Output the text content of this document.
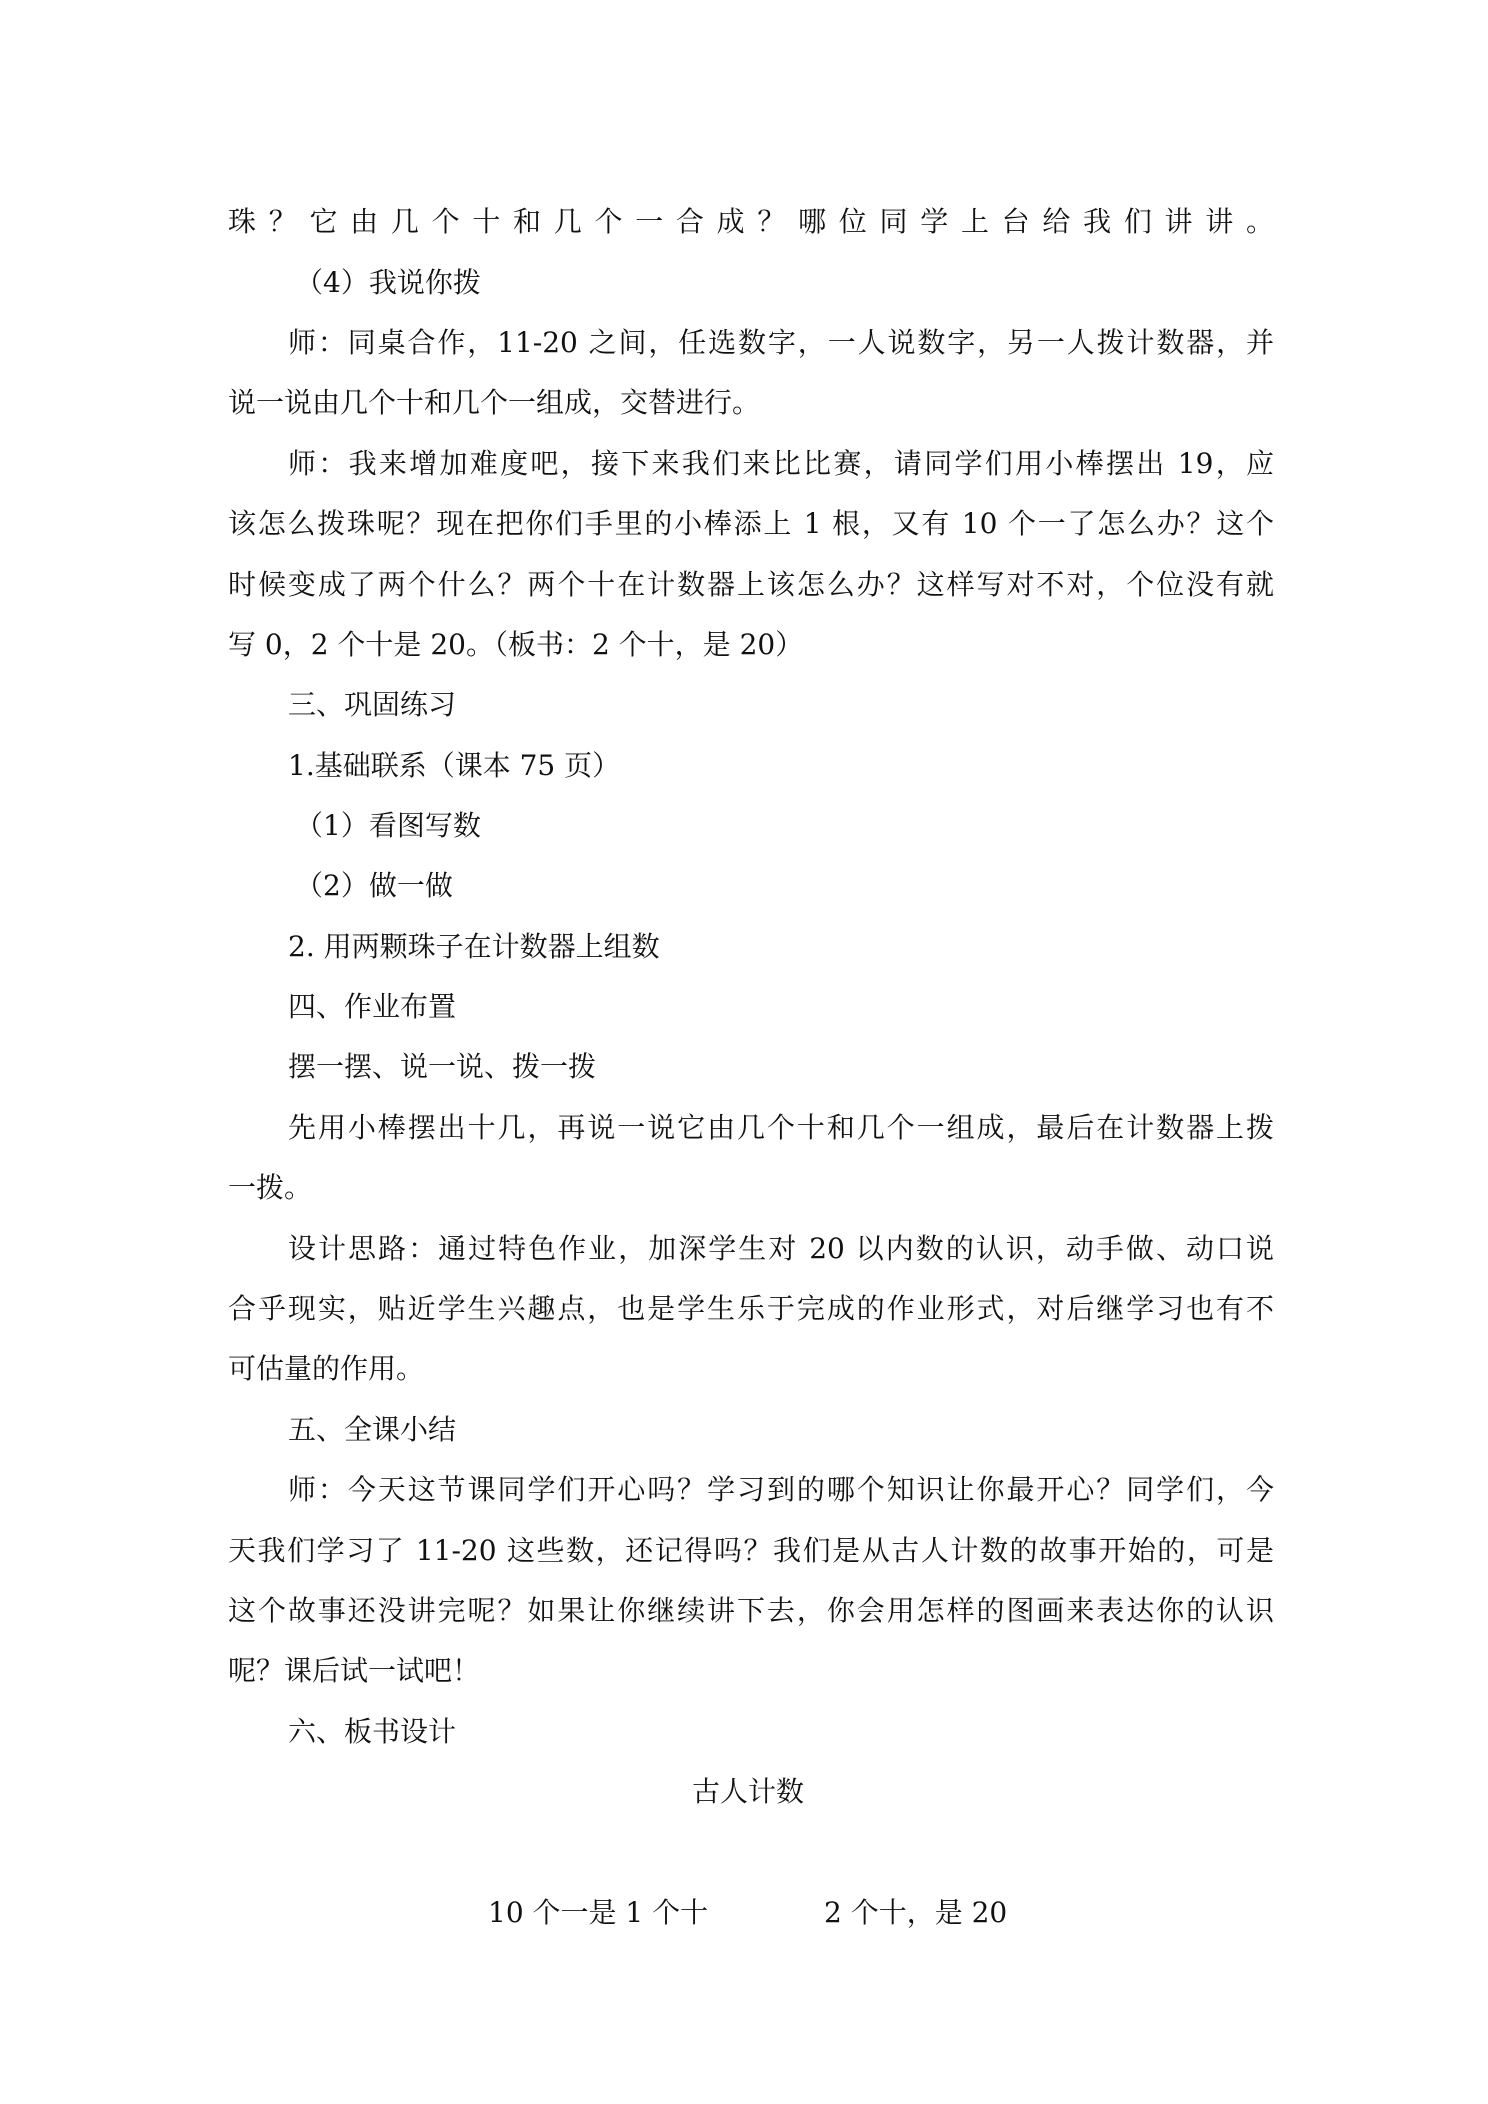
珠？它由几个十和几个一合成？哪位同学上台给我们讲讲。
（4）我说你拨
师：同桌合作，11-20 之间，任选数字，一人说数字，另一人拨计数器，并
说一说由几个十和几个一组成，交替进行。
师：我来增加难度吧，接下来我们来比比赛，请同学们用小棒摆出 19，应
该怎么拨珠呢？现在把你们手里的小棒添上 1 根，又有 10 个一了怎么办？这个
时候变成了两个什么？两个十在计数器上该怎么办？这样写对不对，个位没有就
写 0，2 个十是 20。（板书：2 个十，是 20）
三、巩固练习
1.基础联系（课本 75 页）
（1）看图写数
（2）做一做
2. 用两颗珠子在计数器上组数
四、作业布置
摆一摆、说一说、拨一拨
先用小棒摆出十几，再说一说它由几个十和几个一组成，最后在计数器上拨
一拨。
设计思路：通过特色作业，加深学生对 20 以内数的认识，动手做、动口说
合乎现实，贴近学生兴趣点，也是学生乐于完成的作业形式，对后继学习也有不
可估量的作用。
五、全课小结
师：今天这节课同学们开心吗？学习到的哪个知识让你最开心？同学们，今
天我们学习了 11-20 这些数，还记得吗？我们是从古人计数的故事开始的，可是
这个故事还没讲完呢？如果让你继续讲下去，你会用怎样的图画来表达你的认识
呢？课后试一试吧！
六、板书设计
古人计数
10 个一是 1 个十	2 个十，是 20
